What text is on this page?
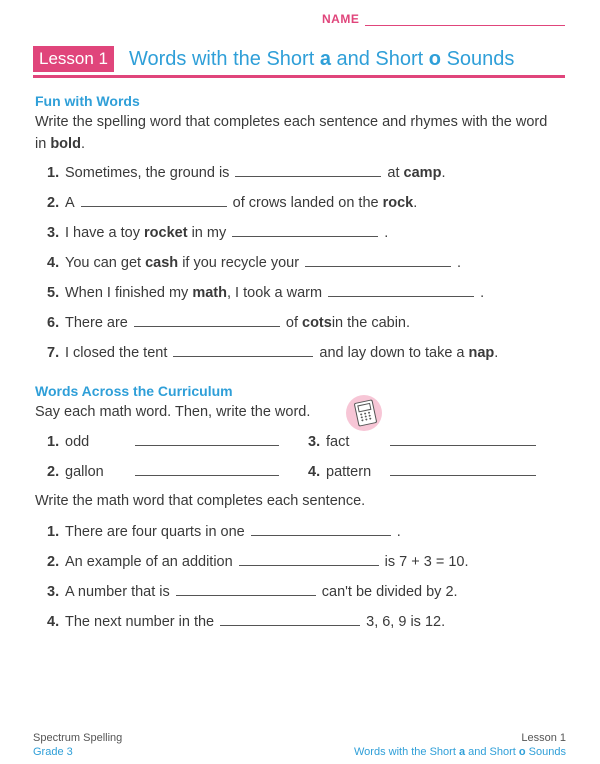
NAME
Lesson 1	Words with the Short a and Short o Sounds
Fun with Words
Write the spelling word that completes each sentence and rhymes with the word in bold.
1. Sometimes, the ground is	at
camp .
2. A	of crows landed on the
rock .
3. I have a toy
rocket
in my	.
4. You can get
cash
if you recycle your	.
5. When I finished my
math , I took a warm	.
6. There are	of
cots in the cabin.
7. I closed the tent	and lay down to take a
nap .
Words Across the Curriculum
Say each math word. Then, write the word.
1. odd	3. fact
2. gallon	4. pattern
Write the math word that completes each sentence.
1. There are four quarts in one	.
2. An example of an addition	is 7 + 3 = 10.
3. A number that is	can't be divided by 2.
4. The next number in the	3, 6, 9 is 12.
Spectrum Spelling
Grade 3
Lesson 1
Words with the Short a and Short o Sounds
